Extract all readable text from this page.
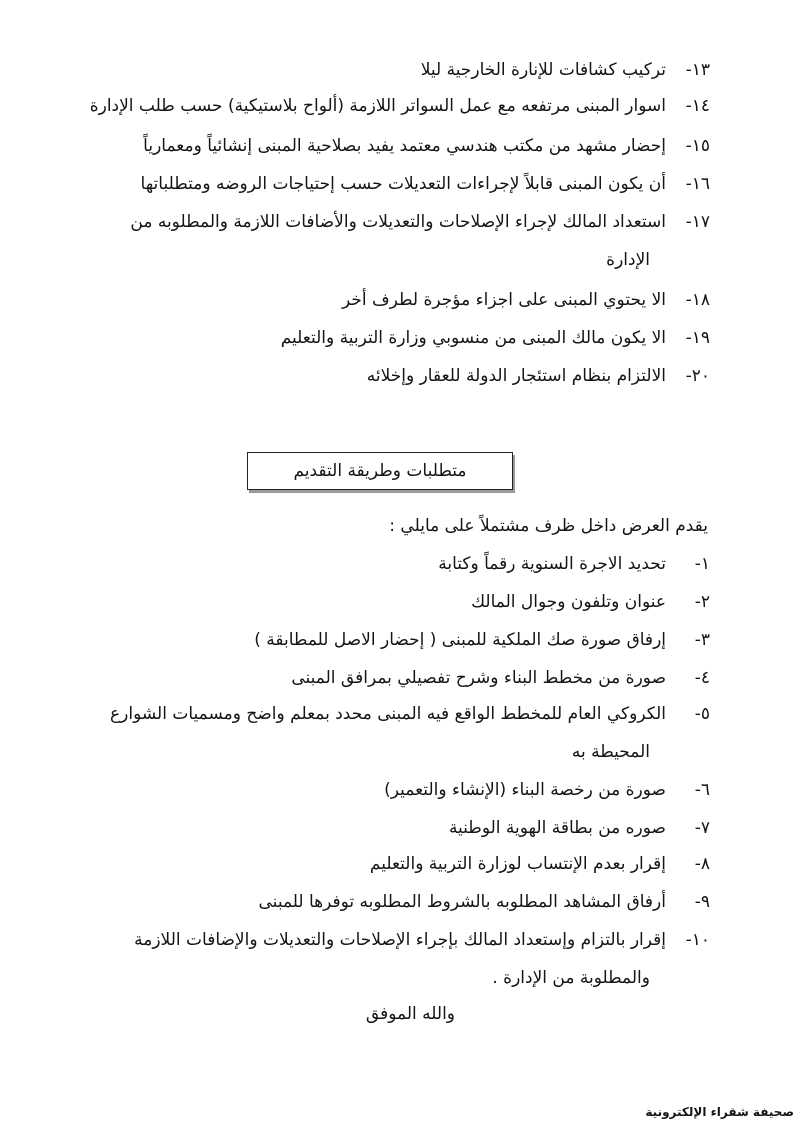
١٣-تركيب كشافات للإنارة الخارجية ليلا
١٤-اسوار المبنى مرتفعه مع عمل السواتر اللازمة (ألواح بلاستيكية) حسب طلب الإدارة
١٥-إحضار مشهد من مكتب هندسي معتمد يفيد بصلاحية المبنى إنشائياً ومعمارياً
١٦-أن يكون المبنى قابلاً لإجراءات التعديلات حسب إحتياجات الروضه ومتطلباتها
١٧-استعداد المالك لإجراء الإصلاحات والتعديلات والأضافات اللازمة والمطلوبه من
الإدارة
١٨-الا يحتوي المبنى على اجزاء مؤجرة لطرف أخر
١٩-الا يكون مالك المبنى من منسوبي وزارة التربية والتعليم
٢٠-الالتزام بنظام استئجار الدولة للعقار وإخلائه
متطلبات وطريقة التقديم
يقدم العرض داخل ظرف مشتملاً على مايلي :
١-تحديد الاجرة السنوية رقماً وكتابة
٢-عنوان وتلفون وجوال المالك
٣-إرفاق صورة صك الملكية للمبنى ( إحضار الاصل للمطابقة )
٤-صورة من مخطط البناء وشرح تفصيلي بمرافق المبنى
٥-الكروكي العام للمخطط الواقع فيه المبنى محدد بمعلم واضح ومسميات الشوارع
المحيطة به
٦-صورة من رخصة البناء (الإنشاء والتعمير)
٧-صوره من بطاقة الهوية الوطنية
٨-إقرار بعدم الإنتساب لوزارة التربية والتعليم
٩-أرفاق المشاهد المطلوبه بالشروط المطلوبه توفرها للمبنى
١٠-إقرار بالتزام وإستعداد المالك بإجراء الإصلاحات والتعديلات والإضافات اللازمة
والمطلوبة من الإدارة .
والله الموفق
صحيفة شقراء الإلكترونية
